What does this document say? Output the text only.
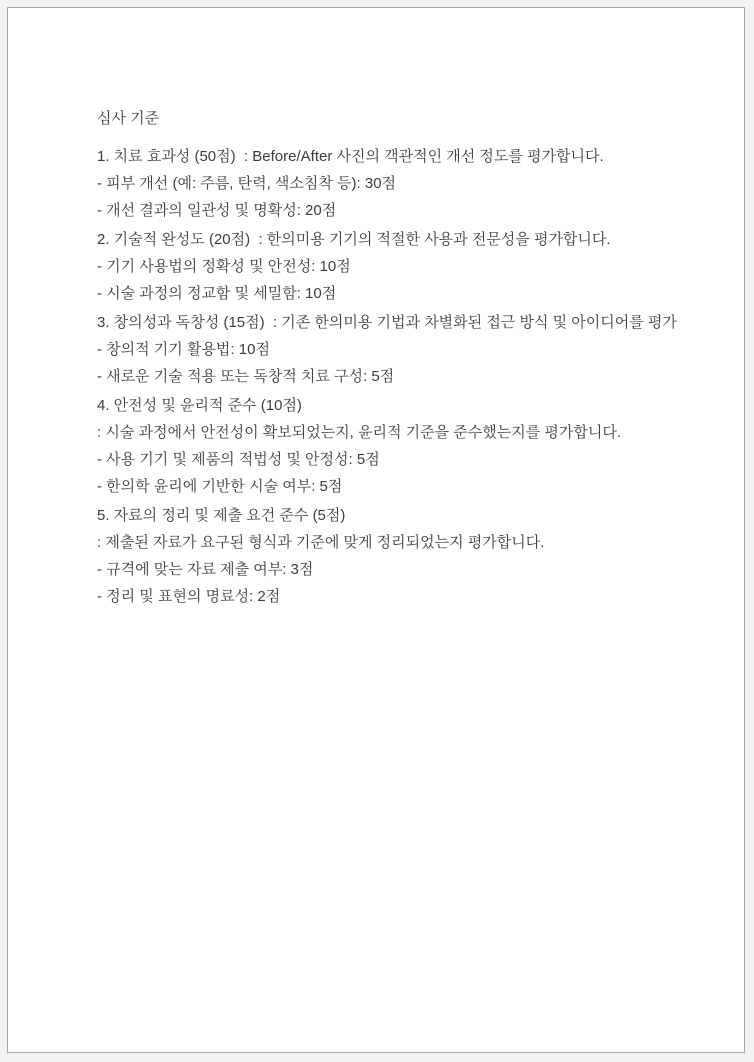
심사 기준

1. 치료 효과성 (50점)  : Before/After 사진의 객관적인 개선 정도를 평가합니다.

- 피부 개선 (예: 주름, 탄력, 색소침착 등): 30점

- 개선 결과의 일관성 및 명확성: 20점

2. 기술적 완성도 (20점)  : 한의미용 기기의 적절한 사용과 전문성을 평가합니다.

- 기기 사용법의 정확성 및 안전성: 10점

- 시술 과정의 정교함 및 세밀함: 10점

3. 창의성과 독창성 (15점)  : 기존 한의미용 기법과 차별화된 접근 방식 및 아이디어를 평가

- 창의적 기기 활용법: 10점

- 새로운 기술 적용 또는 독창적 치료 구성: 5점

4. 안전성 및 윤리적 준수 (10점)

: 시술 과정에서 안전성이 확보되었는지, 윤리적 기준을 준수했는지를 평가합니다.

- 사용 기기 및 제품의 적법성 및 안정성: 5점

- 한의학 윤리에 기반한 시술 여부: 5점

5. 자료의 정리 및 제출 요건 준수 (5점)

: 제출된 자료가 요구된 형식과 기준에 맞게 정리되었는지 평가합니다.

- 규격에 맞는 자료 제출 여부: 3점

- 정리 및 표현의 명료성: 2점
